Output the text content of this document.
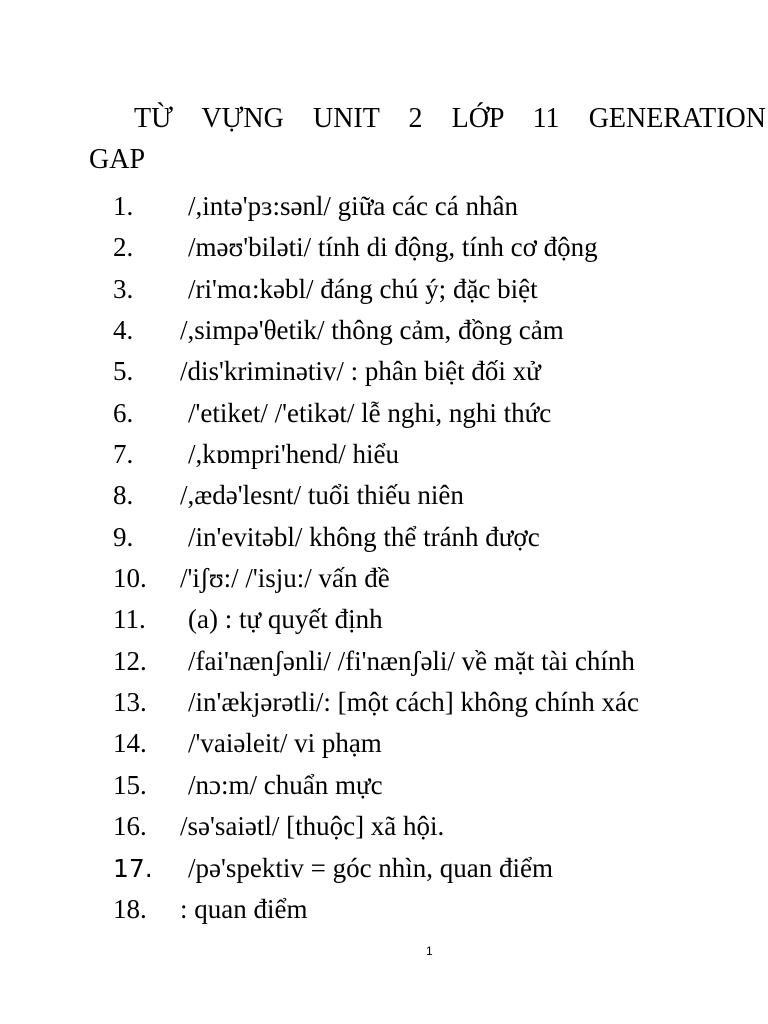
TỪ VỰNG UNIT 2 LỚP 11 GENERATION
GAP
1. /,intə'pɜ:sənl/ giữa các cá nhân
2. /məʊ'biləti/ tính di động, tính cơ động
3. /ri'mɑ:kəbl/ đáng chú ý; đặc biệt
4. /,simpə'θetik/ thông cảm, đồng cảm
5. /dis'kriminətiv/ : phân biệt đối xử
6. /'etiket/ /'etikət/ lễ nghi, nghi thức
7. /,kɒmpri'hend/ hiểu
8. /,ædə'lesnt/ tuổi thiếu niên
9. /in'evitəbl/ không thể tránh được
10. /'iʃʊ:/ /'isju:/ vấn đề
11. (a) : tự quyết định
12. /fai'nænʃənli/ /fi'nænʃəli/ về mặt tài chính
13. /in'ækjərətli/: [một cách] không chính xác
14. /'vaiəleit/ vi phạm
15. /nɔ:m/ chuẩn mực
16. /sə'saiətl/ [thuộc] xã hội.
17. /pə'spektiv = góc nhìn, quan điểm
18. : quan điểm
1
